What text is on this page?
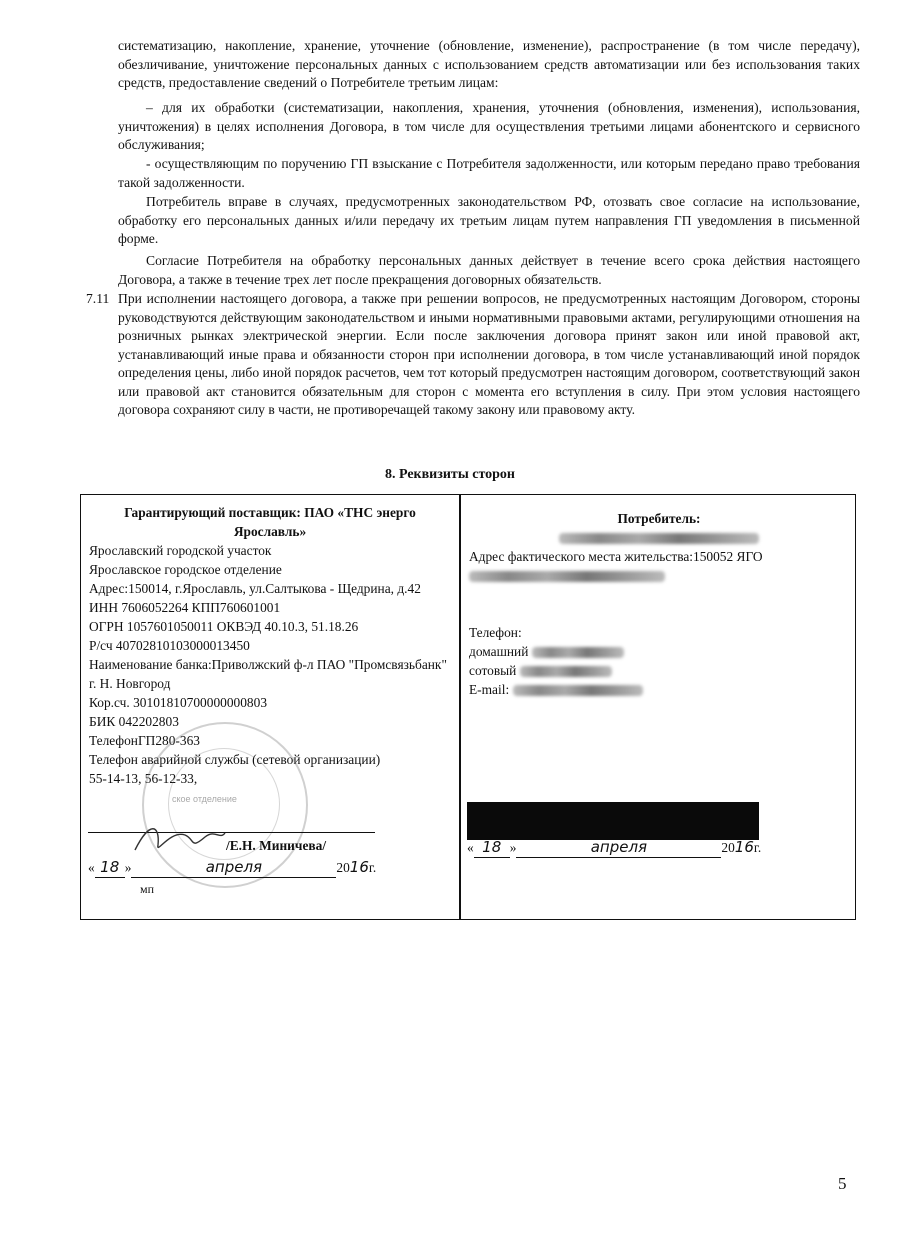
систематизацию, накопление, хранение, уточнение (обновление, изменение), распространение (в том числе передачу), обезличивание, уничтожение персональных данных с использованием средств автоматизации или без использования таких средств, предоставление сведений о Потребителе третьим лицам:
– для их обработки (систематизации, накопления, хранения, уточнения (обновления, изменения), использования, уничтожения) в целях исполнения Договора, в том числе для осуществления третьими лицами абонентского и сервисного обслуживания;
- осуществляющим по поручению ГП взыскание с Потребителя задолженности, или которым передано право требования такой задолженности.
Потребитель вправе в случаях, предусмотренных законодательством РФ, отозвать свое согласие на использование, обработку его персональных данных и/или передачу их третьим лицам путем направления ГП уведомления в письменной форме.
Согласие Потребителя на обработку персональных данных действует в течение всего срока действия настоящего Договора, а также в течение трех лет после прекращения договорных обязательств.
7.11 При исполнении настоящего договора, а также при решении вопросов, не предусмотренных настоящим Договором, стороны руководствуются действующим законодательством и иными нормативными правовыми актами, регулирующими отношения на розничных рынках электрической энергии. Если после заключения договора принят закон или иной правовой акт, устанавливающий иные права и обязанности сторон при исполнении договора, в том числе устанавливающий иной порядок определения цены, либо иной порядок расчетов, чем тот который предусмотрен настоящим договором, соответствующий закон или правовой акт становится обязательным для сторон с момента его вступления в силу. При этом условия настоящего договора сохраняют силу в части, не противоречащей такому закону или правовому акту.
8. Реквизиты сторон
Гарантирующий поставщик: ПАО «ТНС энерго Ярославль»
Ярославский городской участок
Ярославское городское отделение
Адрес:150014, г.Ярославль, ул.Салтыкова - Щедрина, д.42
ИНН 7606052264 КПП760601001
ОГРН 1057601050011 ОКВЭД 40.10.3, 51.18.26
Р/сч 40702810103000013450
Наименование банка:Приволжский ф-л ПАО "Промсвязьбанк" г. Н. Новгород
Кор.сч. 30101810700000000803
БИК 042202803
ТелефонГП280-363
Телефон аварийной службы (сетевой организации)
55-14-13, 56-12-33,
Потребитель:
Адрес фактического места жительства:150052 ЯГО
Телефон:
домашний
сотовый
E-mail:
ское отделение
/Е.Н. Миничева/
« 18 »	апреля	2016г.
мп
« 18 »	апреля	2016г.
5
